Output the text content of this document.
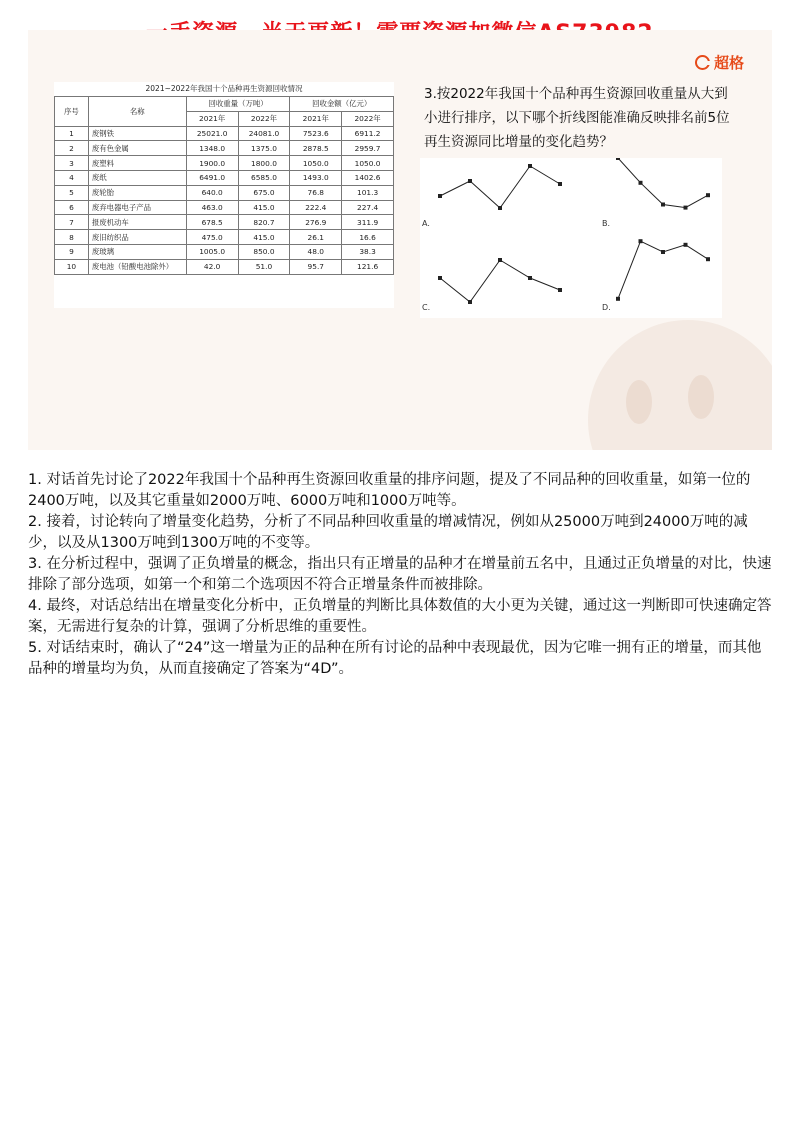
超格
2021~2022年我国十个品种再生资源回收情况
序号	名称	回收重量（万吨）		回收金额（亿元）	
		2021年	2022年	2021年	2022年
1	废钢铁	25021.0	24081.0	7523.6	6911.2
2	废有色金属	1348.0	1375.0	2878.5	2959.7
3	废塑料	1900.0	1800.0	1050.0	1050.0
4	废纸	6491.0	6585.0	1493.0	1402.6
5	废轮胎	640.0	675.0	76.8	101.3
6	废弃电器电子产品	463.0	415.0	222.4	227.4
7	报废机动车	678.5	820.7	276.9	311.9
8	废旧纺织品	475.0	415.0	26.1	16.6
9	废玻璃	1005.0	850.0	48.0	38.3
10	废电池（铅酸电池除外）	42.0	51.0	95.7	121.6
3.按2022年我国十个品种再生资源回收重量从大到
小进行排序，以下哪个折线图能准确反映排名前5位
再生资源同比增量的变化趋势？
A.	B.
C.	D.

1. 对话首先讨论了2022年我国十个品种再生资源回收重量的排序问题，提及了不同品种的回收重量，如第一位的2400万吨，以及其它重量如2000万吨、6000万吨和1000万吨等。

2. 接着，讨论转向了增量变化趋势，分析了不同品种回收重量的增减情况，例如从25000万吨到24000万吨的减少，以及从1300万吨到1300万吨的不变等。

3. 在分析过程中，强调了正负增量的概念，指出只有正增量的品种才在增量前五名中，且通过正负增量的对比，快速排除了部分选项，如第一个和第二个选项因不符合正增量条件而被排除。

4. 最终，对话总结出在增量变化分析中，正负增量的判断比具体数值的大小更为关键，通过这一判断即可快速确定答案，无需进行复杂的计算，强调了分析思维的重要性。

5. 对话结束时，确认了“24”这一增量为正的品种在所有讨论的品种中表现最优，因为它唯一拥有正的增量，而其他品种的增量均为负，从而直接确定了答案为“4D”。
